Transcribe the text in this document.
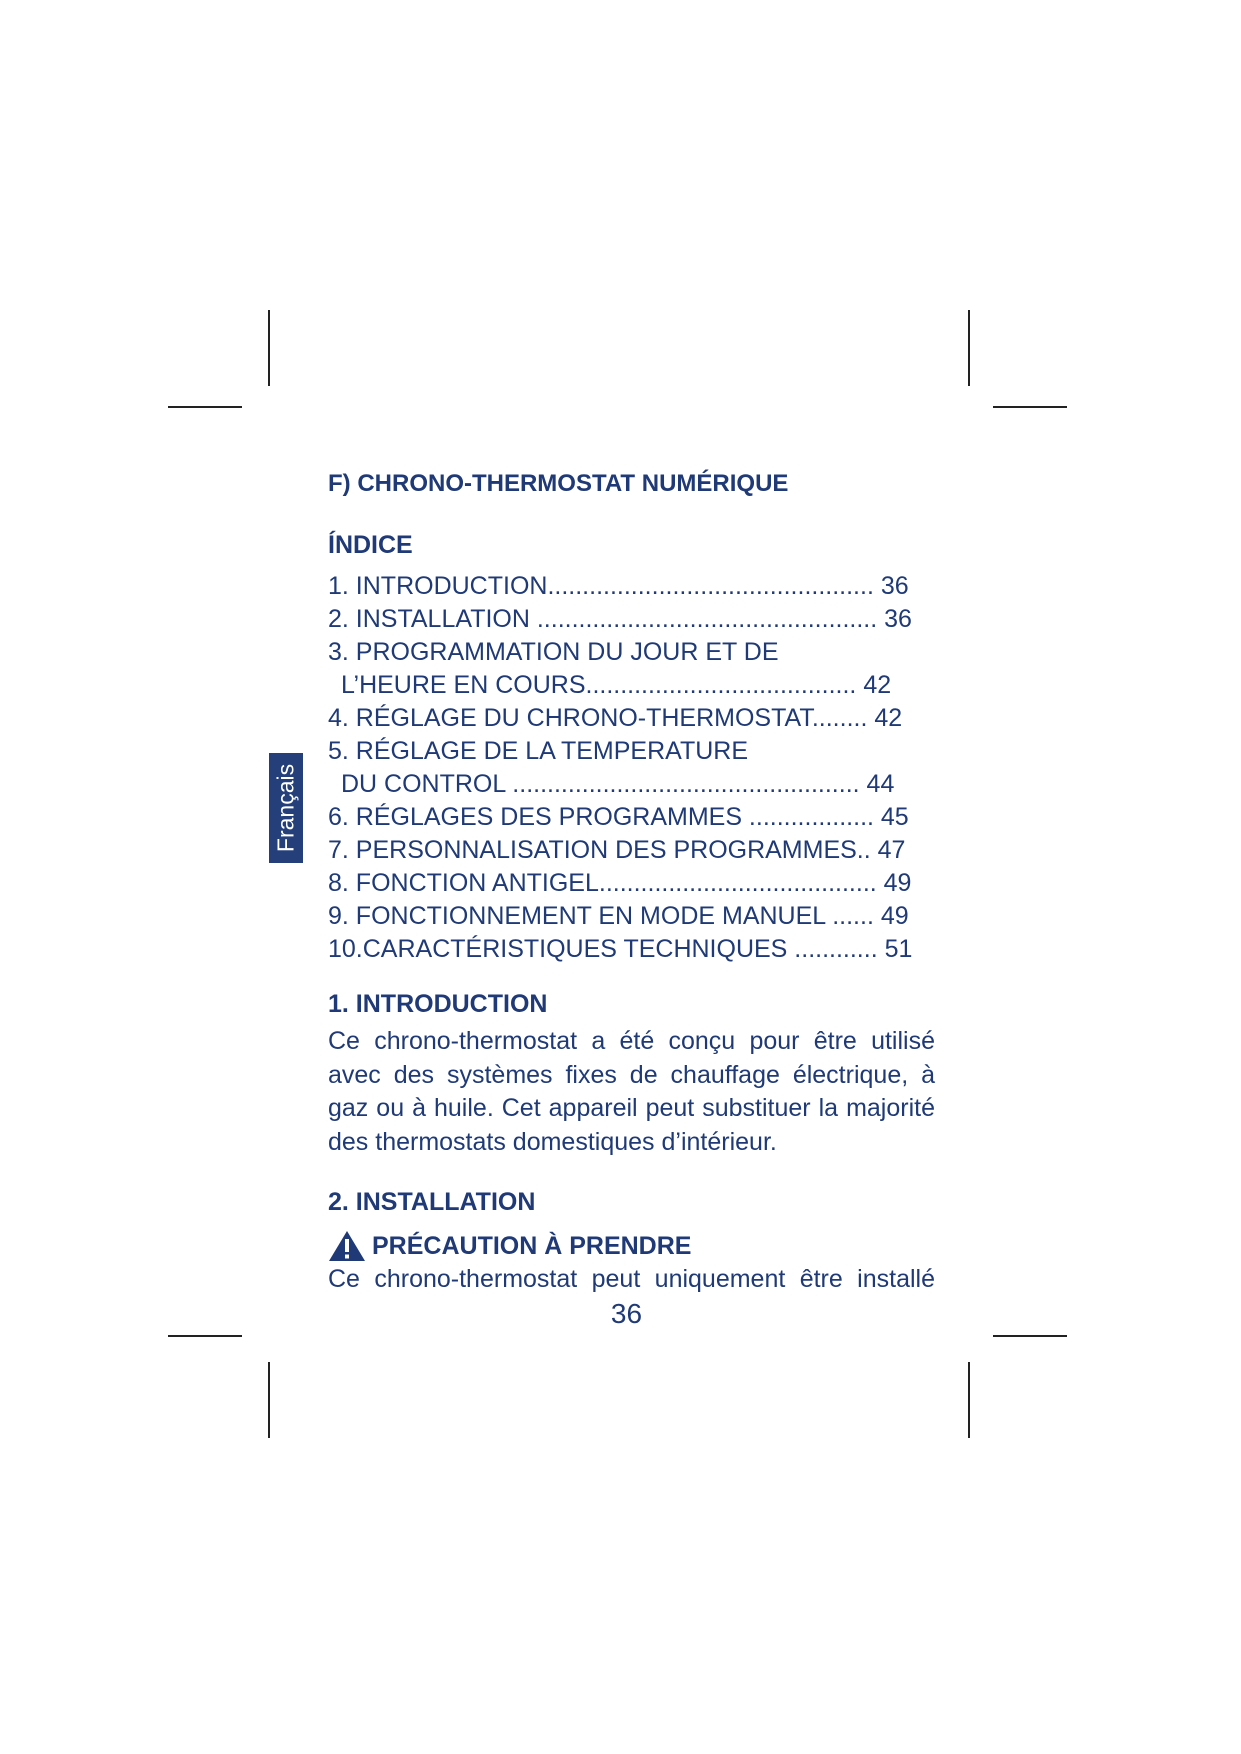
Français
F) CHRONO-THERMOSTAT NUMÉRIQUE
ÍNDICE
1. INTRODUCTION............................................... 36
2. INSTALLATION ................................................. 36
3. PROGRAMMATION DU JOUR ET DE
L’HEURE EN COURS....................................... 42
4. RÉGLAGE DU CHRONO-THERMOSTAT........ 42
5. RÉGLAGE DE LA TEMPERATURE
DU CONTROL .................................................. 44
6. RÉGLAGES DES PROGRAMMES .................. 45
7. PERSONNALISATION DES PROGRAMMES.. 47
8. FONCTION ANTIGEL........................................ 49
9. FONCTIONNEMENT EN MODE MANUEL ...... 49
10.CARACTÉRISTIQUES TECHNIQUES ............ 51
1. INTRODUCTION

Ce chrono-thermostat a été conçu pour être utilisé avec des systèmes fixes de chauffage électrique, à gaz ou à huile. Cet appareil peut substituer la majorité des thermostats domestiques d’intérieur.

2. INSTALLATION
PRÉCAUTION À PRENDRE

Ce chrono-thermostat peut uniquement être installé

36
